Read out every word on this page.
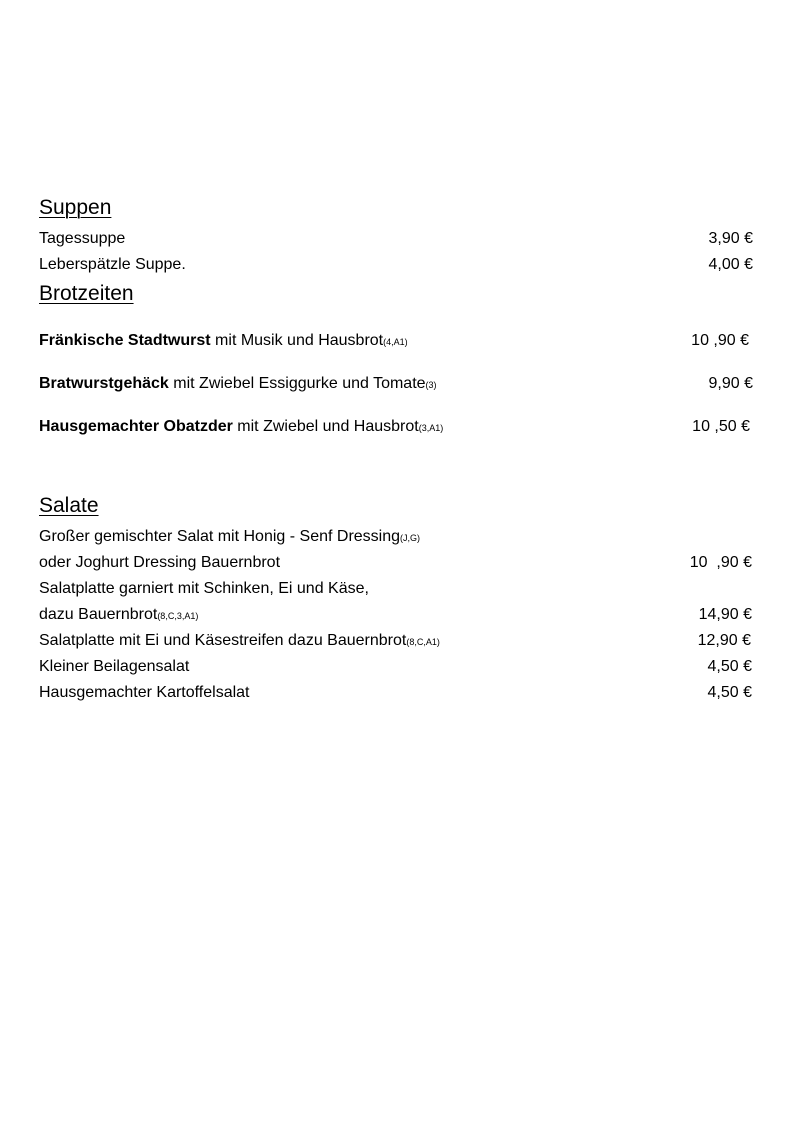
Suppen
Tagessuppe	3,90 €
Leberspätzle Suppe.	4,00 €
Brotzeiten
Fränkische Stadtwurst mit Musik und Hausbrot(4,A1)	10 ,90 €
Bratwurstgehäck mit Zwiebel Essiggurke und Tomate(3)	9,90 €
Hausgemachter Obatzder mit Zwiebel und Hausbrot(3,A1)	10 ,50 €
Salate
Großer gemischter Salat mit Honig - Senf Dressing(J,G)
oder Joghurt Dressing Bauernbrot	10  ,90 €
Salatplatte garniert mit Schinken, Ei und Käse,
dazu Bauernbrot(8,C,3,A1)	14,90 €
Salatplatte mit Ei und Käsestreifen dazu Bauernbrot(8,C,A1)	12,90 €
Kleiner Beilagensalat	4,50 €
Hausgemachter Kartoffelsalat	4,50 €
